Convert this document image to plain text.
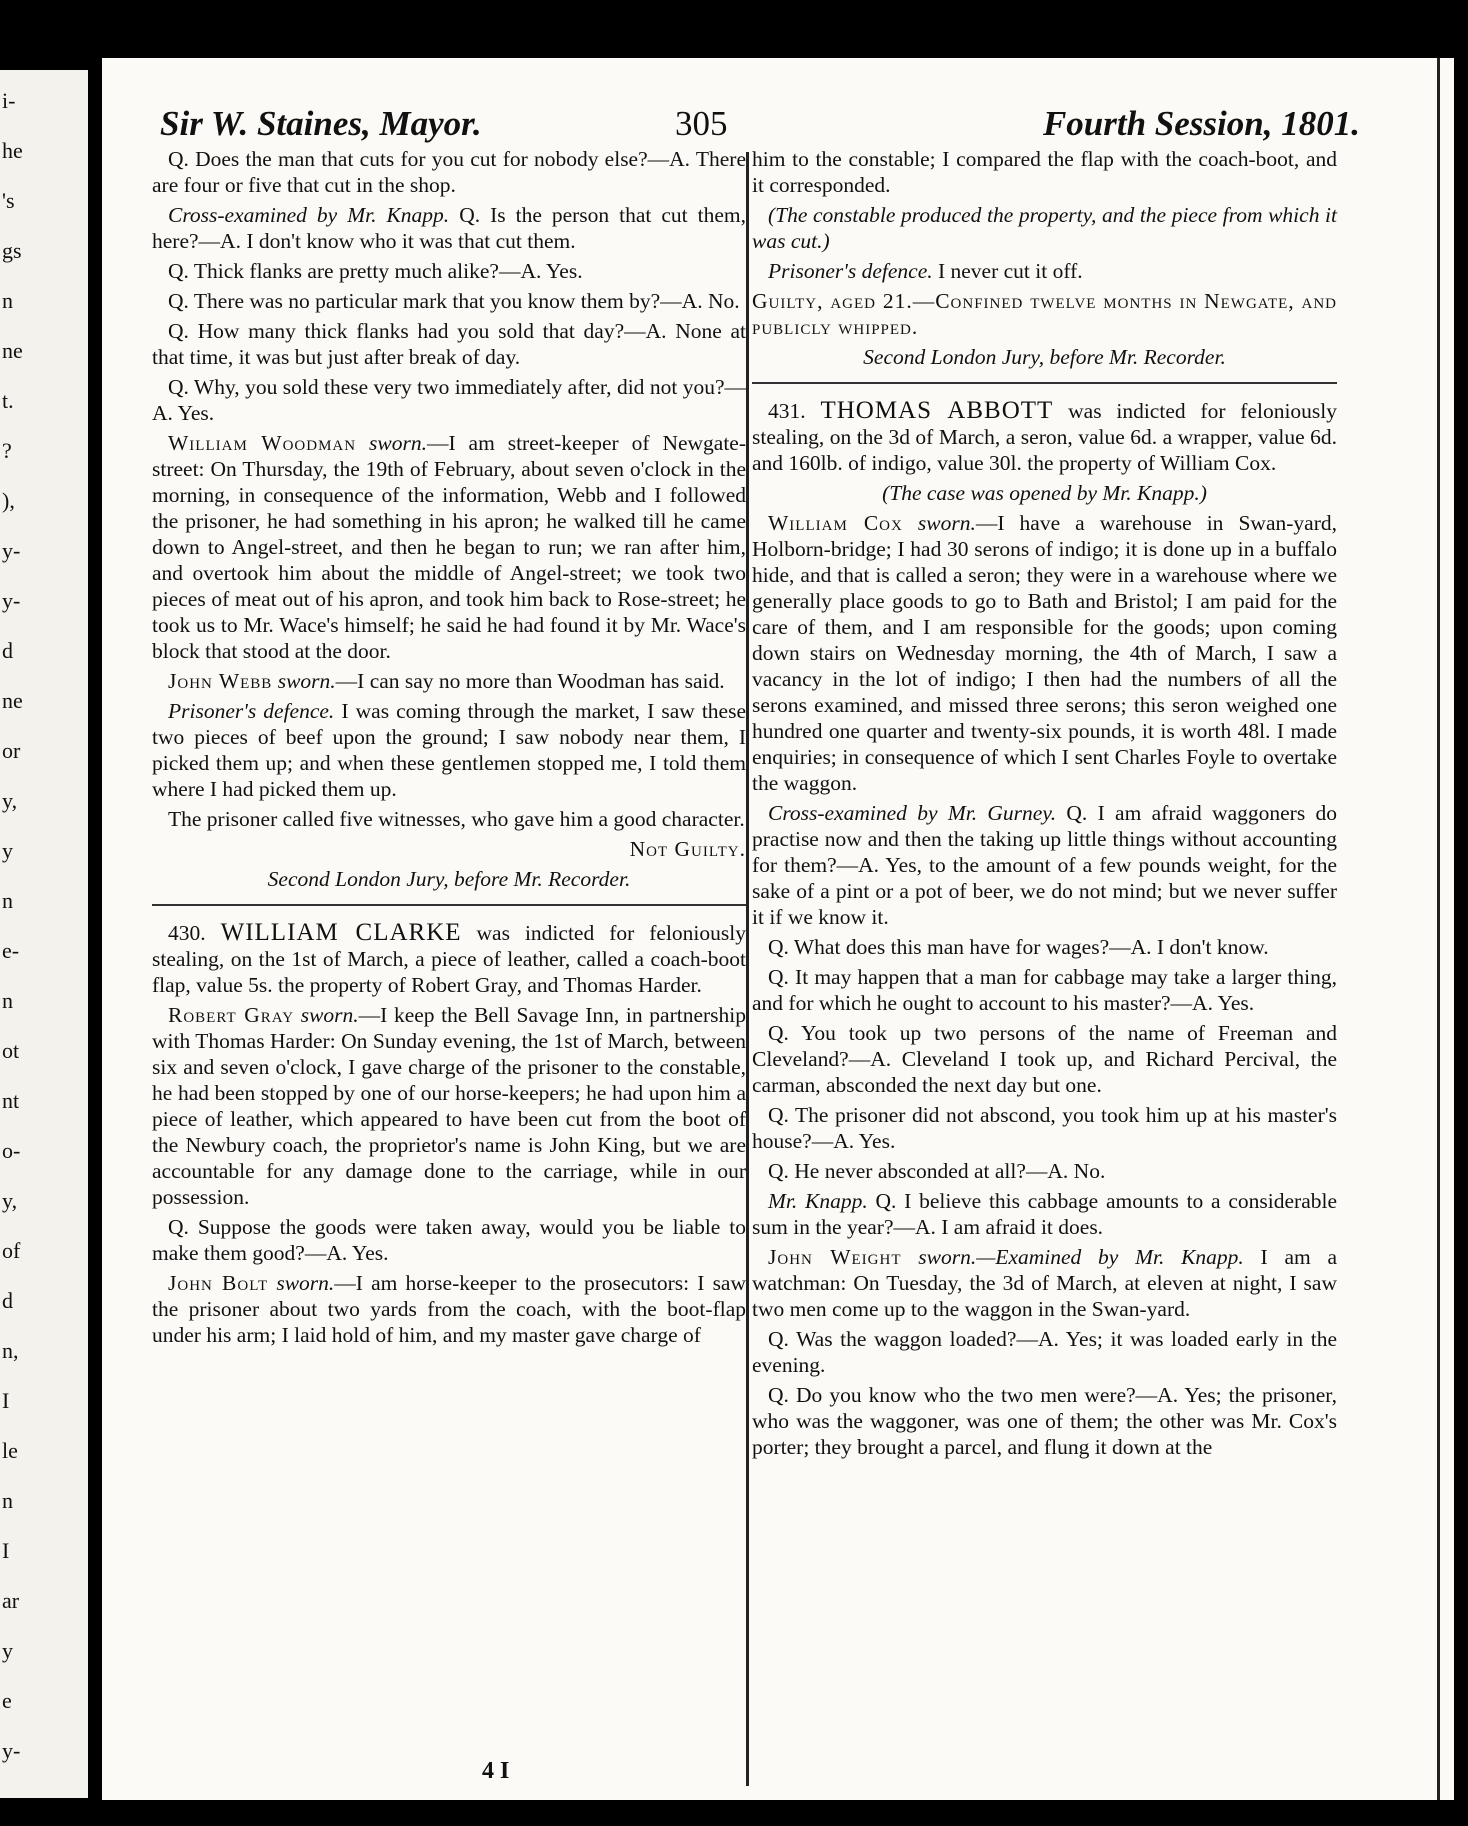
i-
he
's
gs
n
ne
t.
?
),
y-
y-
d
ne
or
y,
y
n
e-
n
ot
nt
o-
y,
of
d
n,
I
le
n
I
ar
y
e
y-
Sir W. Staines, Mayor.	305	Fourth Session, 1801.

Q. Does the man that cuts for you cut for nobody else?—A. There are four or five that cut in the shop.

Cross-examined by Mr. Knapp. Q. Is the person that cut them, here?—A. I don't know who it was that cut them.

Q. Thick flanks are pretty much alike?—A. Yes.

Q. There was no particular mark that you know them by?—A. No.

Q. How many thick flanks had you sold that day?—A. None at that time, it was but just after break of day.

Q. Why, you sold these very two immediately after, did not you?—A. Yes.

William Woodman sworn.—I am street-keeper of Newgate-street: On Thursday, the 19th of February, about seven o'clock in the morning, in consequence of the information, Webb and I followed the prisoner, he had something in his apron; he walked till he came down to Angel-street, and then he began to run; we ran after him, and overtook him about the middle of Angel-street; we took two pieces of meat out of his apron, and took him back to Rose-street; he took us to Mr. Wace's himself; he said he had found it by Mr. Wace's block that stood at the door.

John Webb sworn.—I can say no more than Woodman has said.

Prisoner's defence. I was coming through the market, I saw these two pieces of beef upon the ground; I saw nobody near them, I picked them up; and when these gentlemen stopped me, I told them where I had picked them up.

The prisoner called five witnesses, who gave him a good character.

Not Guilty.

Second London Jury, before Mr. Recorder.

430. WILLIAM CLARKE was indicted for feloniously stealing, on the 1st of March, a piece of leather, called a coach-boot flap, value 5s. the property of Robert Gray, and Thomas Harder.

Robert Gray sworn.—I keep the Bell Savage Inn, in partnership with Thomas Harder: On Sunday evening, the 1st of March, between six and seven o'clock, I gave charge of the prisoner to the constable, he had been stopped by one of our horse-keepers; he had upon him a piece of leather, which appeared to have been cut from the boot of the Newbury coach, the proprietor's name is John King, but we are accountable for any damage done to the carriage, while in our possession.

Q. Suppose the goods were taken away, would you be liable to make them good?—A. Yes.

John Bolt sworn.—I am horse-keeper to the prosecutors: I saw the prisoner about two yards from the coach, with the boot-flap under his arm; I laid hold of him, and my master gave charge of

him to the constable; I compared the flap with the coach-boot, and it corresponded.

(The constable produced the property, and the piece from which it was cut.)

Prisoner's defence. I never cut it off.

Guilty, aged 21.—Confined twelve months in Newgate, and publicly whipped.

Second London Jury, before Mr. Recorder.

431. THOMAS ABBOTT was indicted for feloniously stealing, on the 3d of March, a seron, value 6d. a wrapper, value 6d. and 160lb. of indigo, value 30l. the property of William Cox.

(The case was opened by Mr. Knapp.)

William Cox sworn.—I have a warehouse in Swan-yard, Holborn-bridge; I had 30 serons of indigo; it is done up in a buffalo hide, and that is called a seron; they were in a warehouse where we generally place goods to go to Bath and Bristol; I am paid for the care of them, and I am responsible for the goods; upon coming down stairs on Wednesday morning, the 4th of March, I saw a vacancy in the lot of indigo; I then had the numbers of all the serons examined, and missed three serons; this seron weighed one hundred one quarter and twenty-six pounds, it is worth 48l. I made enquiries; in consequence of which I sent Charles Foyle to overtake the waggon.

Cross-examined by Mr. Gurney. Q. I am afraid waggoners do practise now and then the taking up little things without accounting for them?—A. Yes, to the amount of a few pounds weight, for the sake of a pint or a pot of beer, we do not mind; but we never suffer it if we know it.

Q. What does this man have for wages?—A. I don't know.

Q. It may happen that a man for cabbage may take a larger thing, and for which he ought to account to his master?—A. Yes.

Q. You took up two persons of the name of Freeman and Cleveland?—A. Cleveland I took up, and Richard Percival, the carman, absconded the next day but one.

Q. The prisoner did not abscond, you took him up at his master's house?—A. Yes.

Q. He never absconded at all?—A. No.

Mr. Knapp. Q. I believe this cabbage amounts to a considerable sum in the year?—A. I am afraid it does.

John Weight sworn.—Examined by Mr. Knapp. I am a watchman: On Tuesday, the 3d of March, at eleven at night, I saw two men come up to the waggon in the Swan-yard.

Q. Was the waggon loaded?—A. Yes; it was loaded early in the evening.

Q. Do you know who the two men were?—A. Yes; the prisoner, who was the waggoner, was one of them; the other was Mr. Cox's porter; they brought a parcel, and flung it down at the

4 I
